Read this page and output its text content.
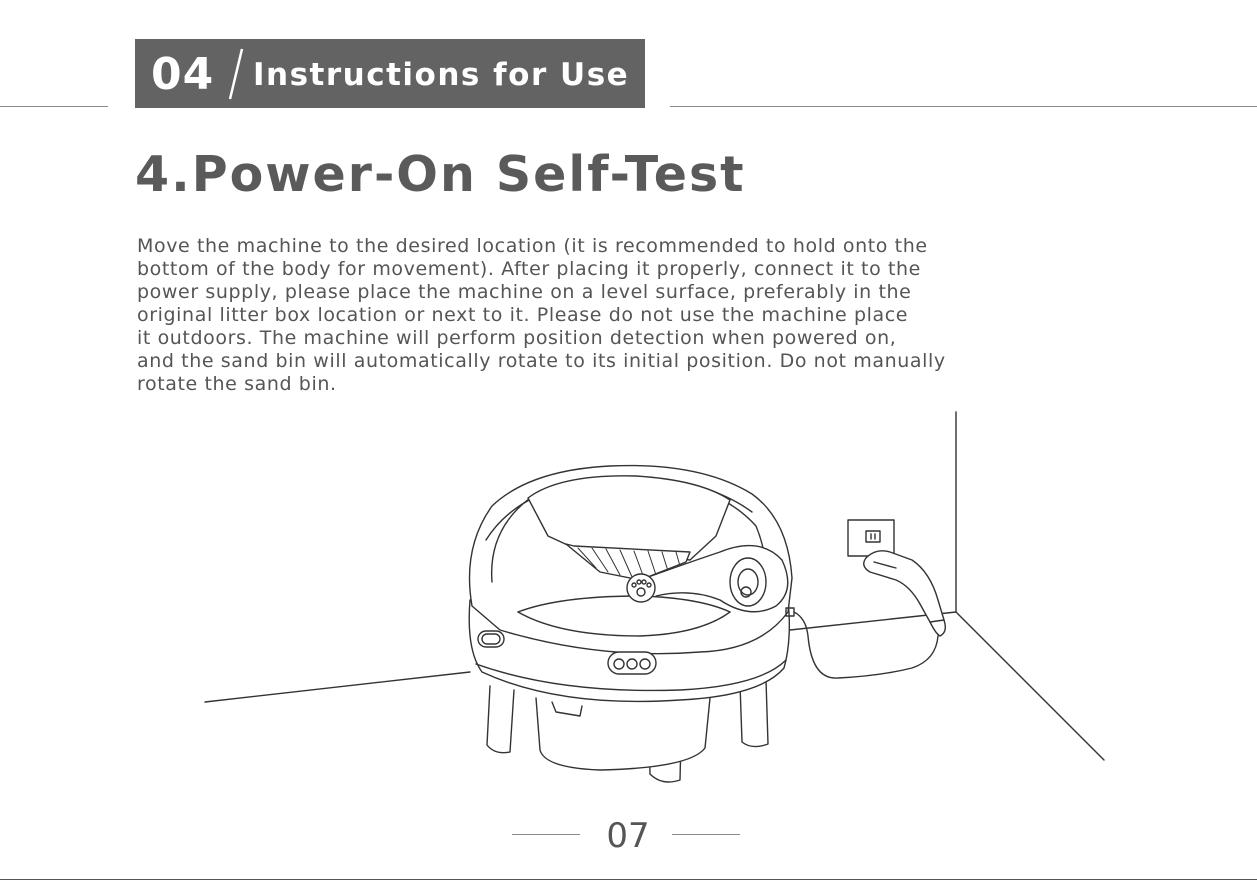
04 Instructions for Use
4.Power-On Self-Test
Move the machine to the desired location (it is recommended to hold onto the
bottom of the body for movement). After placing it properly, connect it to the
power supply, please place the machine on a level surface, preferably in the
original litter box location or next to it. Please do not use the machine place
it outdoors. The machine will perform position detection when powered on,
and the sand bin will automatically rotate to its initial position. Do not manually
rotate the sand bin.
07
